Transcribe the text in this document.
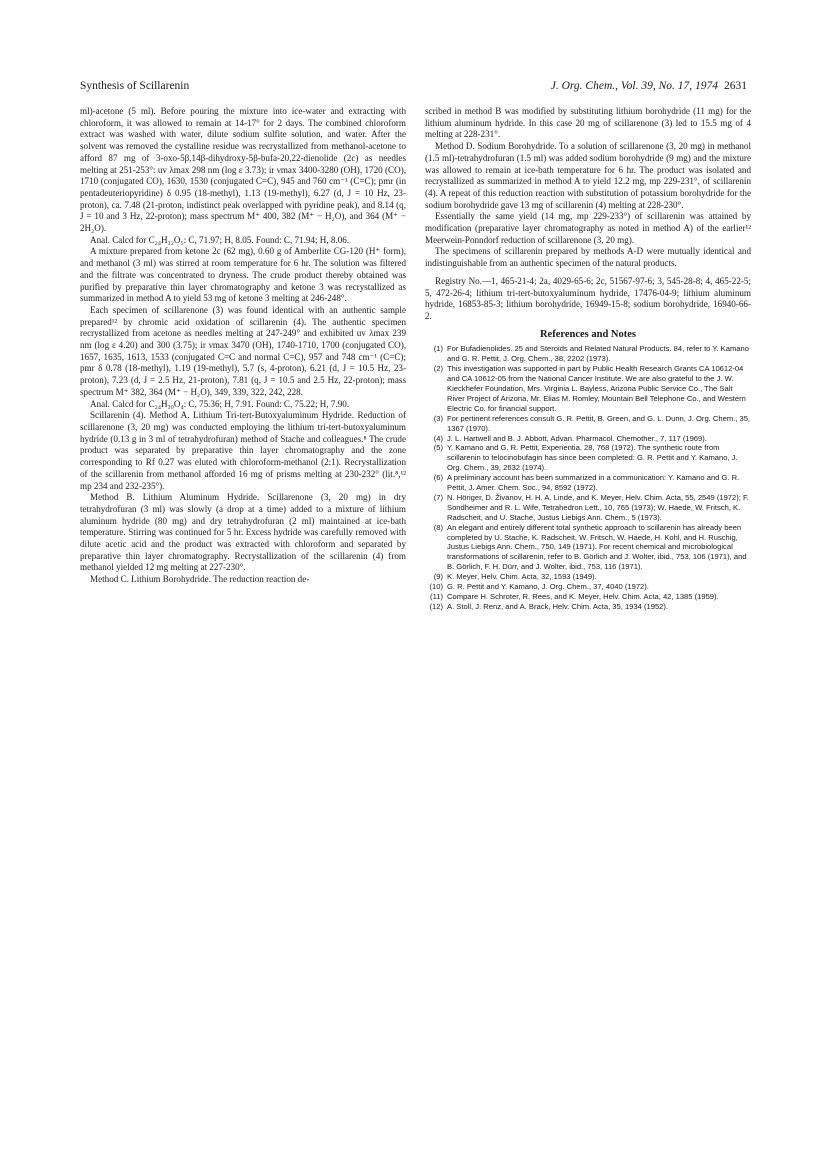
Synthesis of Scillarenin	J. Org. Chem., Vol. 39, No. 17, 1974 2631

ml)-acetone (5 ml). Before pouring the mixture into ice-water and extracting with chloroform, it was allowed to remain at 14-17° for 2 days. The combined chloroform extract was washed with water, dilute sodium sulfite solution, and water. After the solvent was removed the cystalline residue was recrystallized from methanol-acetone to afford 87 mg of 3-oxo-5β,14β-dihydroxy-5β-bufa-20,22-dienolide (2c) as needles melting at 251-253°: uv λmax 298 nm (log ε 3.73); ir νmax 3400-3280 (OH), 1720 (CO), 1710 (conjugated CO), 1630, 1530 (conjugated C=C), 945 and 760 cm⁻¹ (C=C); pmr (in pentadeuteriopyridine) δ 0.95 (18-methyl), 1.13 (19-methyl), 6.27 (d, J = 10 Hz, 23-proton), ca. 7.48 (21-proton, indistinct peak overlapped with pyridine peak), and 8.14 (q, J = 10 and 3 Hz, 22-proton); mass spectrum M⁺ 400, 382 (M⁺ − H₂O), and 364 (M⁺ − 2H₂O).

Anal. Calcd for C₂₄H₃₂O₅: C, 71.97; H, 8.05. Found: C, 71.94; H, 8.06.

A mixture prepared from ketone 2c (62 mg), 0.60 g of Amberlite CG-120 (H⁺ form), and methanol (3 ml) was stirred at room temperature for 6 hr. The solution was filtered and the filtrate was concentrated to dryness. The crude product thereby obtained was purified by preparative thin layer chromatography and ketone 3 was recrystallized as summarized in method A to yield 53 mg of ketone 3 melting at 246-248°.

Each specimen of scillarenone (3) was found identical with an authentic sample prepared¹² by chromic acid oxidation of scillarenin (4). The authentic specimen recrystallized from acetone as needles melting at 247-249° and exhibited uv λmax 239 nm (log ε 4.20) and 300 (3.75); ir νmax 3470 (OH), 1740-1710, 1700 (conjugated CO), 1657, 1635, 1613, 1533 (conjugated C=C and normal C=C), 957 and 748 cm⁻¹ (C=C); pmr δ 0.78 (18-methyl), 1.19 (19-methyl), 5.7 (s, 4-proton), 6.21 (d, J = 10.5 Hz, 23-proton), 7.23 (d, J = 2.5 Hz, 21-proton), 7.81 (q, J = 10.5 and 2.5 Hz, 22-proton); mass spectrum M⁺ 382, 364 (M⁺ − H₂O), 349, 339, 322, 242, 228.

Anal. Calcd for C₂₄H₃₀O₄: C, 75.36; H, 7.91. Found: C, 75.22; H, 7.90.

Scillarenin (4). Method A. Lithium Tri-tert-Butoxyaluminum Hydride. Reduction of scillarenone (3, 20 mg) was conducted employing the lithium tri-tert-butoxyaluminum hydride (0.13 g in 3 ml of tetrahydrofuran) method of Stache and colleagues.⁸ The crude product was separated by preparative thin layer chromatography and the zone corresponding to Rf 0.27 was eluted with chloroform-methanol (2:1). Recrystallization of the scillarenin from methanol afforded 16 mg of prisms melting at 230-232° (lit.⁸,¹² mp 234 and 232-235°).

Method B. Lithium Aluminum Hydride. Scillarenone (3, 20 mg) in dry tetrahydrofuran (3 ml) was slowly (a drop at a time) added to a mixture of lithium aluminum hydride (80 mg) and dry tetrahydrofuran (2 ml) maintained at ice-bath temperature. Stirring was continued for 5 hr. Excess hydride was carefully removed with dilute acetic acid and the product was extracted with chloroform and separated by preparative thin layer chromatography. Recrystallization of the scillarenin (4) from methanol yielded 12 mg melting at 227-230°.

Method C. Lithium Borohydride. The reduction reaction de-

scribed in method B was modified by substituting lithium borohydride (11 mg) for the lithium aluminum hydride. In this case 20 mg of scillarenone (3) led to 15.5 mg of 4 melting at 228-231°.

Method D. Sodium Borohydride. To a solution of scillarenone (3, 20 mg) in methanol (1.5 ml)-tetrahydrofuran (1.5 ml) was added sodium borohydride (9 mg) and the mixture was allowed to remain at ice-bath temperature for 6 hr. The product was isolated and recrystallized as summarized in method A to yield 12.2 mg, mp 229-231°, of scillarenin (4). A repeat of this reduction reaction with substitution of potassium borohydride for the sodium borohydride gave 13 mg of scillarenin (4) melting at 228-230°.

Essentially the same yield (14 mg, mp 229-233°) of scillarenin was attained by modification (preparative layer chromatography as noted in method A) of the earlier¹² Meerwein-Ponndorf reduction of scillarenone (3, 20 mg).

The specimens of scillarenin prepared by methods A-D were mutually identical and indistinguishable from an authentic specimen of the natural products.

Registry No.—1, 465-21-4; 2a, 4029-65-6; 2c, 51567-97-6; 3, 545-28-8; 4, 465-22-5; 5, 472-26-4; lithium tri-tert-butoxyaluminum hydride, 17476-04-9; lithium aluminum hydride, 16853-85-3; lithium borohydride, 16949-15-8; sodium borohydride, 16940-66-2.

References and Notes
(1) For Bufadienolides. 25 and Steroids and Related Natural Products. 84, refer to Y. Kamano and G. R. Pettit, J. Org. Chem., 38, 2202 (1973).
(2) This investigation was supported in part by Public Health Research Grants CA 10612-04 and CA 10612-05 from the National Cancer Institute. We are also grateful to the J. W. Kieckhefer Foundation, Mrs. Virginia L. Bayless, Arizona Public Service Co., The Salt River Project of Arizona, Mr. Elias M. Romley, Mountain Bell Telephone Co., and Western Electric Co. for financial support.
(3) For pertinent references consult G. R. Pettit, B. Green, and G. L. Dunn, J. Org. Chem., 35, 1367 (1970).
(4) J. L. Hartwell and B. J. Abbott, Advan. Pharmacol. Chemother., 7, 117 (1969).
(5) Y. Kamano and G. R. Pettit, Experientia, 28, 768 (1972). The synthetic route from scillarenin to telocinobufagin has since been completed: G. R. Pettit and Y. Kamano, J. Org. Chem., 39, 2632 (1974).
(6) A preliminary account has been summarized in a communication: Y. Kamano and G. R. Pettit, J. Amer. Chem. Soc., 94, 8592 (1972).
(7) N. Höriger, D. Živanov, H. H. A. Linde, and K. Meyer, Helv. Chim. Acta, 55, 2549 (1972); F. Sondheimer and R. L. Wife, Tetrahedron Lett., 10, 765 (1973); W. Haede, W. Fritsch, K. Radscheit, and U. Stache, Justus Liebigs Ann. Chem., 5 (1973).
(8) An elegant and entirely different total synthetic approach to scillarenin has already been completed by U. Stache, K. Radscheit, W. Fritsch, W. Haede, H. Kohl, and H. Ruschig, Justus Liebigs Ann. Chem., 750, 149 (1971). For recent chemical and microbiological transformations of scillarenin, refer to B. Görlich and J. Wolter, ibid., 753, 106 (1971), and B. Görlich, F. H. Dürr, and J. Wolter, ibid., 753, 116 (1971).
(9) K. Meyer, Helv. Chim. Acta, 32, 1593 (1949).
(10) G. R. Pettit and Y. Kamano, J. Org. Chem., 37, 4040 (1972).
(11) Compare H. Schroter, R. Rees, and K. Meyer, Helv. Chim. Acta, 42, 1385 (1959).
(12) A. Stoll, J. Renz, and A. Brack, Helv. Chim. Acta, 35, 1934 (1952).
